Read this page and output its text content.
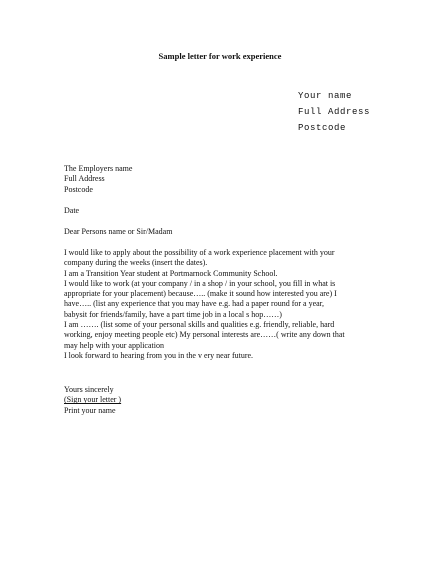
Sample letter for work experience
Your name
Full Address
Postcode
The Employers name
Full Address
Postcode
Date
Dear Persons name or Sir/Madam
I would like to apply about the possibility of a work experience placement with your
company during the weeks (insert the dates).
I am a Transition Year student at Portmarnock Community School.
I would like to work (at your company / in a shop / in your school, you fill in what is
appropriate for your placement) because….. (make it sound how interested you are) I
have….. (list any experience that you may have e.g. had a paper round for a year,
babysit for friends/family, have a part time job in a local s hop……)
I am ……. (list some of your personal skills and qualities e.g. friendly, reliable, hard
working, enjoy meeting people etc) My personal interests are……( write any down that
may help with your application
I look forward to hearing from you in the v ery near future.
Yours sincerely
(Sign your letter )
Print your name
